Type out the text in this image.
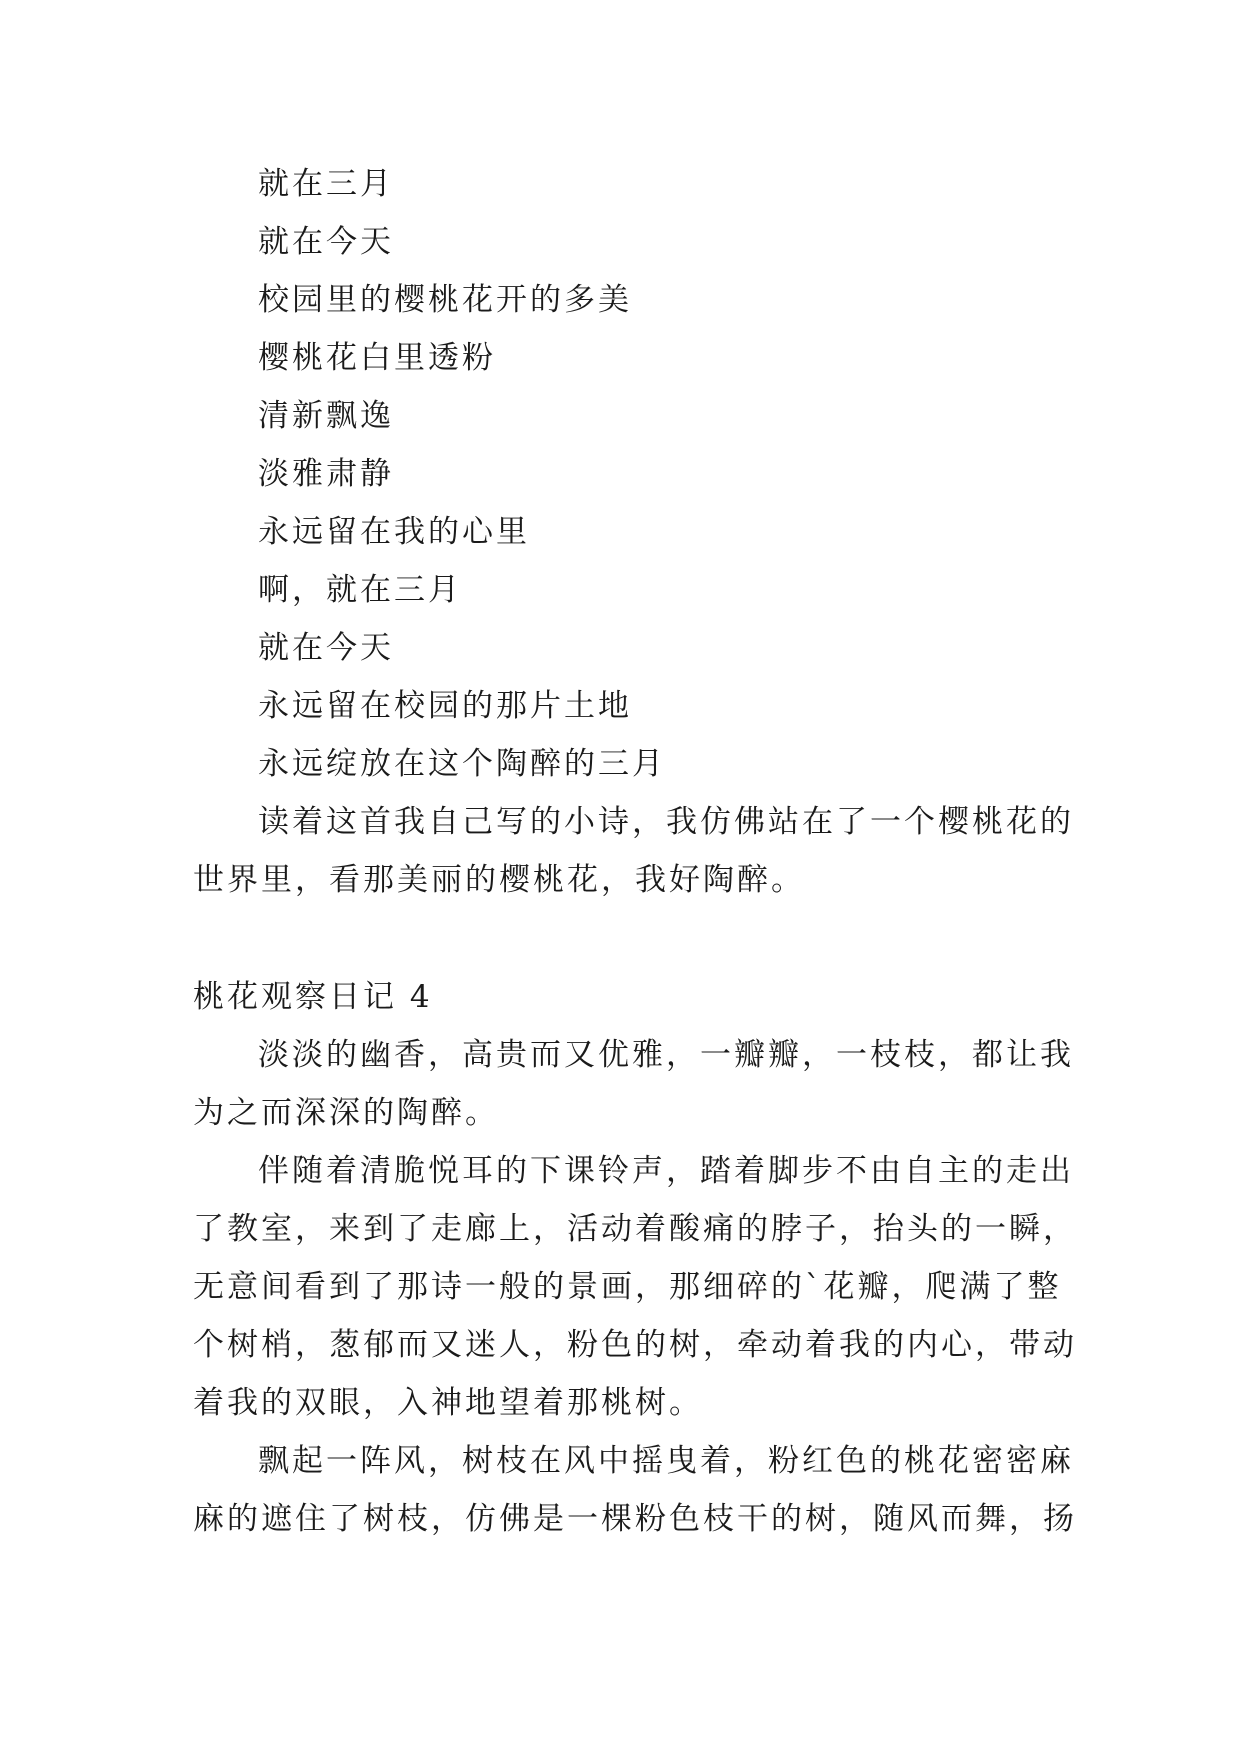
就在三月
就在今天
校园里的樱桃花开的多美
樱桃花白里透粉
清新飘逸
淡雅肃静
永远留在我的心里
啊，就在三月
就在今天
永远留在校园的那片土地
永远绽放在这个陶醉的三月
读着这首我自己写的小诗，我仿佛站在了一个樱桃花的
世界里，看那美丽的樱桃花，我好陶醉。
桃花观察日记 4
淡淡的幽香，高贵而又优雅，一瓣瓣，一枝枝，都让我
为之而深深的陶醉。
伴随着清脆悦耳的下课铃声，踏着脚步不由自主的走出
了教室，来到了走廊上，活动着酸痛的脖子，抬头的一瞬，
无意间看到了那诗一般的景画，那细碎的`花瓣，爬满了整
个树梢，葱郁而又迷人，粉色的树，牵动着我的内心，带动
着我的双眼，入神地望着那桃树。
飘起一阵风，树枝在风中摇曳着，粉红色的桃花密密麻
麻的遮住了树枝，仿佛是一棵粉色枝干的树，随风而舞，扬
